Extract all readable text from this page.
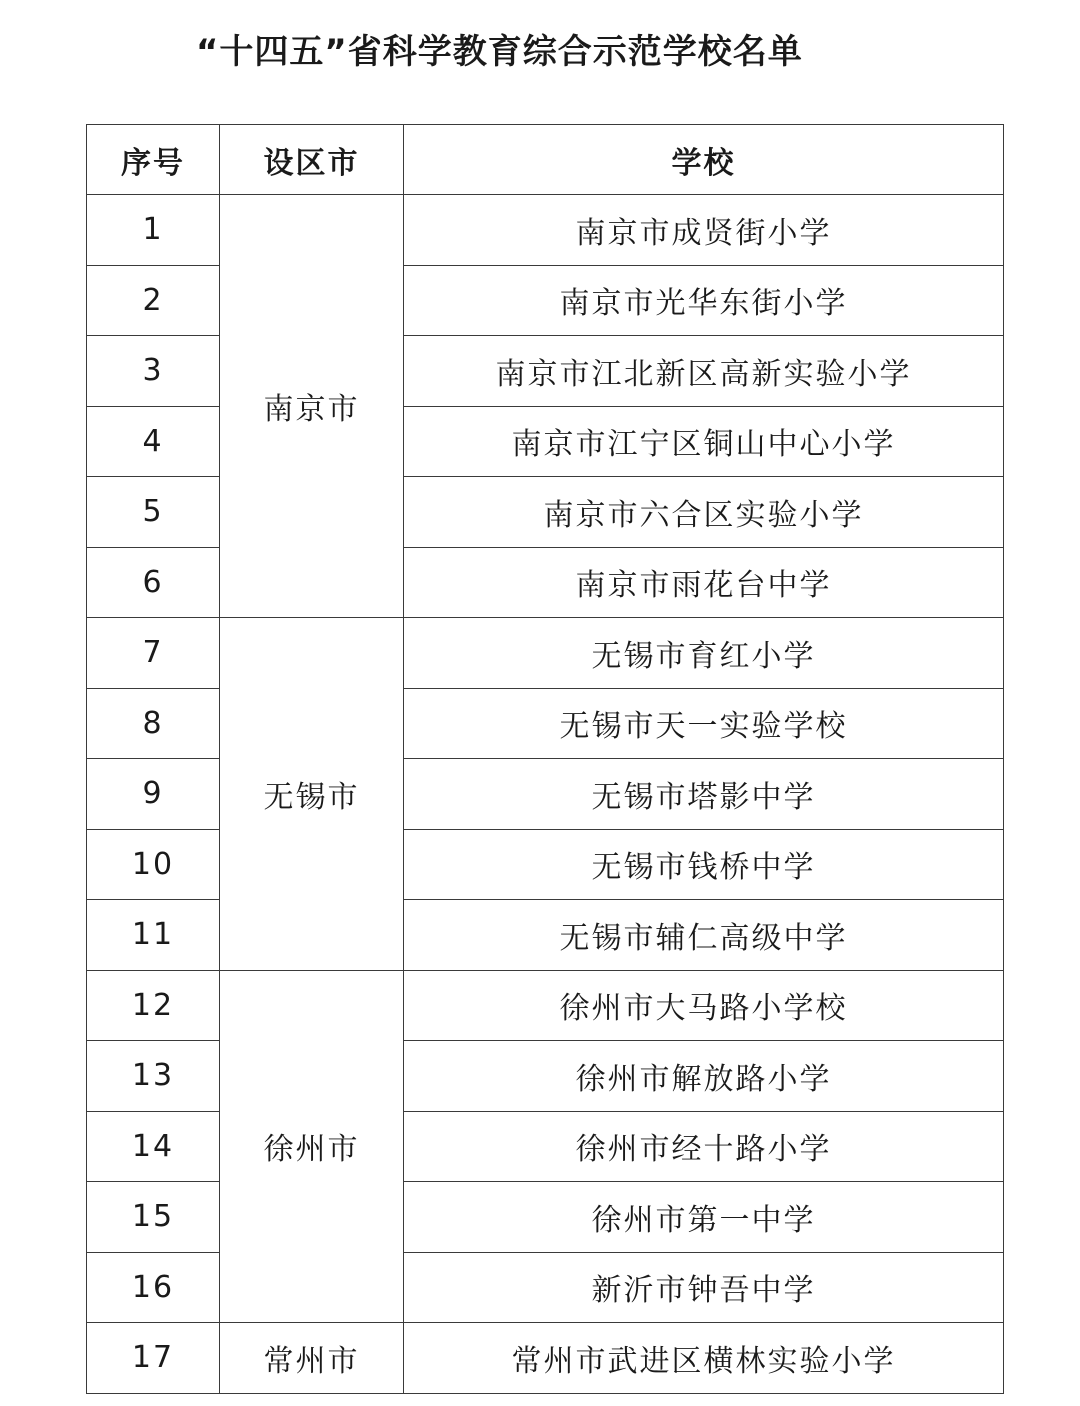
“十四五”省科学教育综合示范学校名单
序号	设区市	学校
1	南京市	南京市成贤街小学
2		南京市光华东街小学
3		南京市江北新区高新实验小学
4		南京市江宁区铜山中心小学
5		南京市六合区实验小学
6		南京市雨花台中学
7	无锡市	无锡市育红小学
8		无锡市天一实验学校
9		无锡市塔影中学
10		无锡市钱桥中学
11		无锡市辅仁高级中学
12	徐州市	徐州市大马路小学校
13		徐州市解放路小学
14		徐州市经十路小学
15		徐州市第一中学
16		新沂市钟吾中学
17	常州市	常州市武进区横林实验小学
